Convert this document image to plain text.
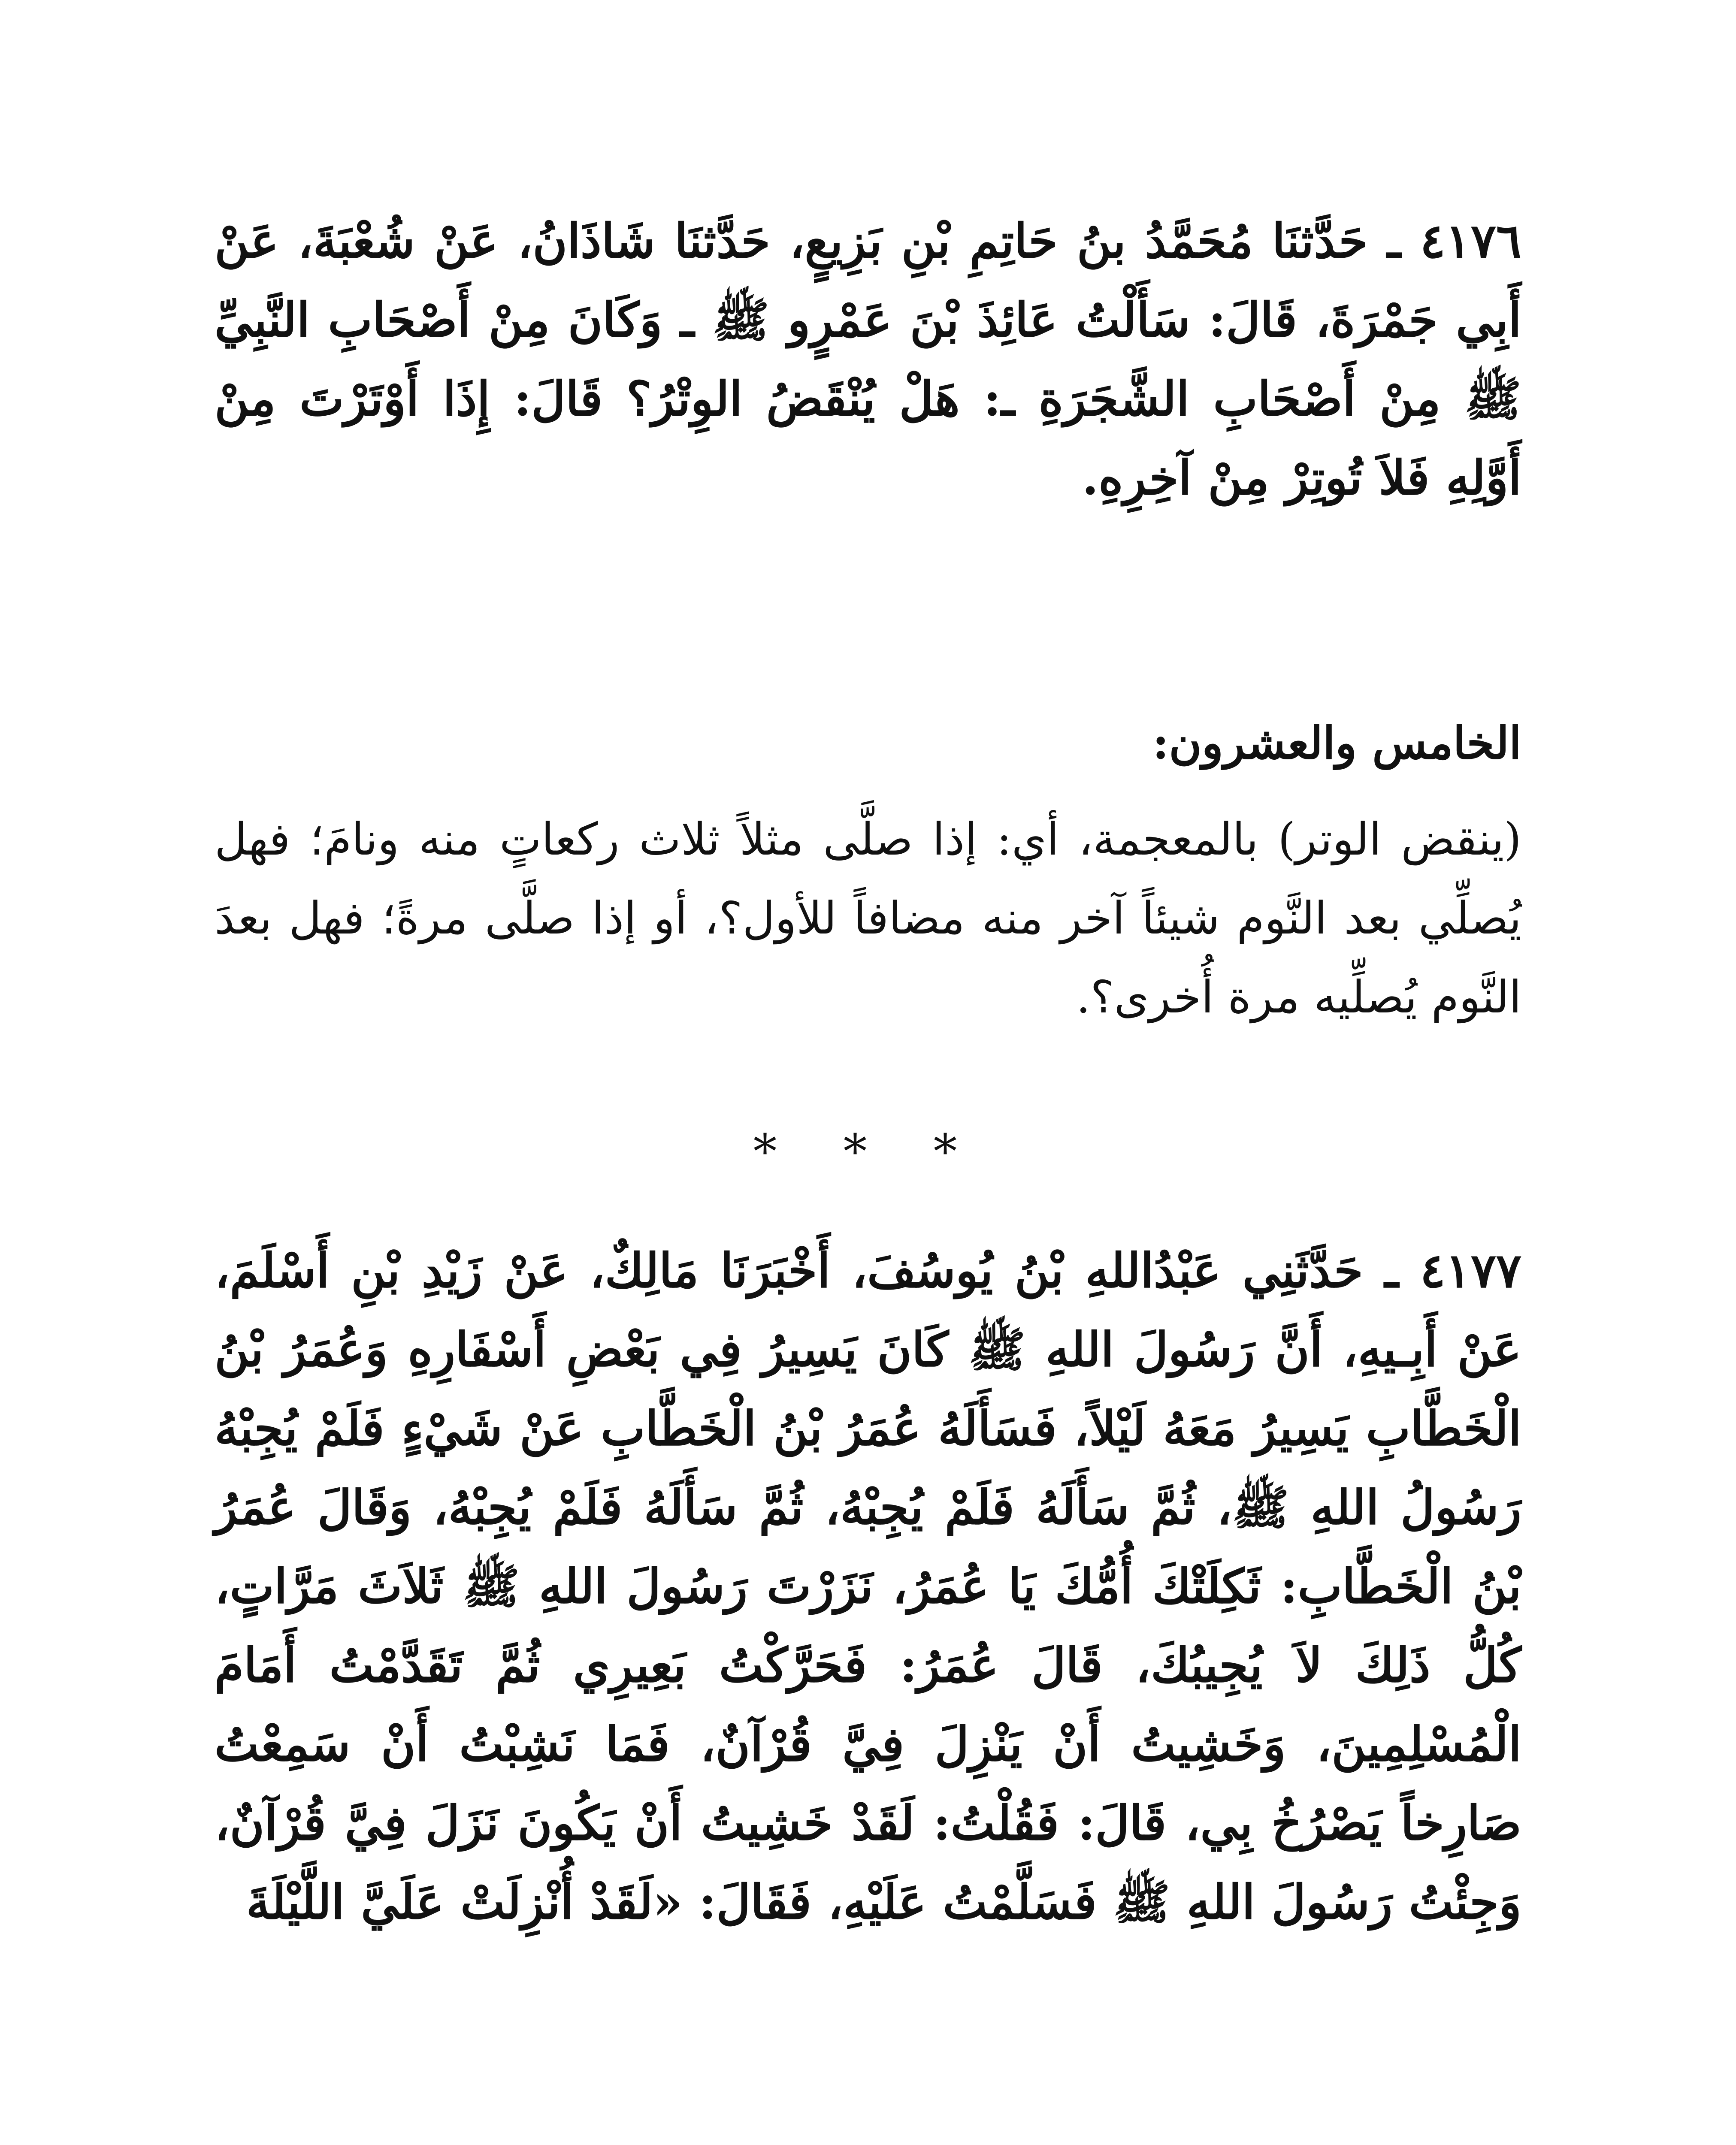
٤١٧٦ ـ حَدَّثنَا مُحَمَّدُ بنُ حَاتِمِ بْنِ بَزِيعٍ، حَدَّثنَا شَاذَانُ، عَنْ شُعْبَةَ، عَنْ أَبِي جَمْرَةَ، قَالَ: سَأَلْتُ عَائِذَ بْنَ عَمْرٍو ﷺ ـ وَكَانَ مِنْ أَصْحَابِ النَّبِيِّ ﷺ مِنْ أَصْحَابِ الشَّجَرَةِ ـ: هَلْ يُنْقَضُ الوِتْرُ؟ قَالَ: إِذَا أَوْتَرْتَ مِنْ أَوَّلِهِ فَلاَ تُوتِرْ مِنْ آخِرِهِ.
الخامس والعشرون:
(ينقض الوتر) بالمعجمة، أي: إذا صلَّى مثلاً ثلاث ركعاتٍ منه ونامَ؛ فهل يُصلِّي بعد النَّوم شيئاً آخر منه مضافاً للأول؟، أو إذا صلَّى مرةً؛ فهل بعدَ النَّوم يُصلِّيه مرة أُخرى؟.
* * *
٤١٧٧ ـ حَدَّثَنِي عَبْدُاللهِ بْنُ يُوسُفَ، أَخْبَرَنَا مَالِكٌ، عَنْ زَيْدِ بْنِ أَسْلَمَ، عَنْ أَبِـيهِ، أَنَّ رَسُولَ اللهِ ﷺ كَانَ يَسِيرُ فِي بَعْضِ أَسْفَارِهِ وَعُمَرُ بْنُ الْخَطَّابِ يَسِيرُ مَعَهُ لَيْلاً، فَسَأَلَهُ عُمَرُ بْنُ الْخَطَّابِ عَنْ شَيْءٍ فَلَمْ يُجِبْهُ رَسُولُ اللهِ ﷺ، ثُمَّ سَأَلَهُ فَلَمْ يُجِبْهُ، ثُمَّ سَأَلَهُ فَلَمْ يُجِبْهُ، وَقَالَ عُمَرُ بْنُ الْخَطَّابِ: ثَكِلَتْكَ أُمُّكَ يَا عُمَرُ، نَزَرْتَ رَسُولَ اللهِ ﷺ ثَلاَثَ مَرَّاتٍ، كُلُّ ذَلِكَ لاَ يُجِيبُكَ، قَالَ عُمَرُ: فَحَرَّكْتُ بَعِيرِي ثُمَّ تَقَدَّمْتُ أَمَامَ الْمُسْلِمِينَ، وَخَشِيتُ أَنْ يَنْزِلَ فِيَّ قُرْآنٌ، فَمَا نَشِبْتُ أَنْ سَمِعْتُ صَارِخاً يَصْرُخُ بِي، قَالَ: فَقُلْتُ: لَقَدْ خَشِيتُ أَنْ يَكُونَ نَزَلَ فِيَّ قُرْآنٌ، وَجِئْتُ رَسُولَ اللهِ ﷺ فَسَلَّمْتُ عَلَيْهِ، فَقَالَ: «لَقَدْ أُنْزِلَتْ عَلَيَّ اللَّيْلَةَ
